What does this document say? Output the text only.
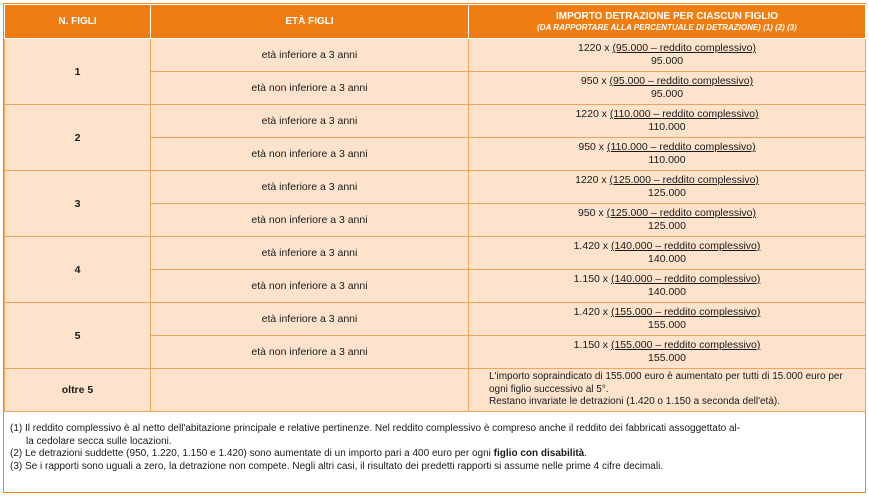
N. FIGLI	ETÀ FIGLI	IMPORTO DETRAZIONE PER CIASCUN FIGLIO
(DA RAPPORTARE ALLA PERCENTUALE DI DETRAZIONE) (1) (2) (3)

1	età inferiore a 3 anni	1220 x (95.000 – reddito complessivo)
95.000

	età non inferiore a 3 anni	950 x (95.000 – reddito complessivo)
95.000

2	età inferiore a 3 anni	1220 x (110.000 – reddito complessivo)
110.000

	età non inferiore a 3 anni	950 x (110.000 – reddito complessivo)
110.000

3	età inferiore a 3 anni	1220 x (125.000 – reddito complessivo)
125.000

	età non inferiore a 3 anni	950 x (125.000 – reddito complessivo)
125.000

4	età inferiore a 3 anni	1.420 x (140.000 – reddito complessivo)
140.000

	età non inferiore a 3 anni	1.150 x (140.000 – reddito complessivo)
140.000

5	età inferiore a 3 anni	1.420 x (155.000 – reddito complessivo)
155.000

	età non inferiore a 3 anni	1.150 x (155.000 – reddito complessivo)
155.000

oltre 5		L'importo sopraindicato di 155.000 euro è aumentato per tutti di 15.000 euro per
ogni figlio successivo al 5°.
Restano invariate le detrazioni (1.420 o 1.150 a seconda dell'età).

(1) Il reddito complessivo è al netto dell'abitazione principale e relative pertinenze. Nel reddito complessivo è compreso anche il reddito dei fabbricati assoggettato al-

la cedolare secca sulle locazioni.

(2) Le detrazioni suddette (950, 1.220, 1.150 e 1.420) sono aumentate di un importo pari a 400 euro per ogni figlio con disabilità.

(3) Se i rapporti sono uguali a zero, la detrazione non compete. Negli altri casi, il risultato dei predetti rapporti si assume nelle prime 4 cifre decimali.
